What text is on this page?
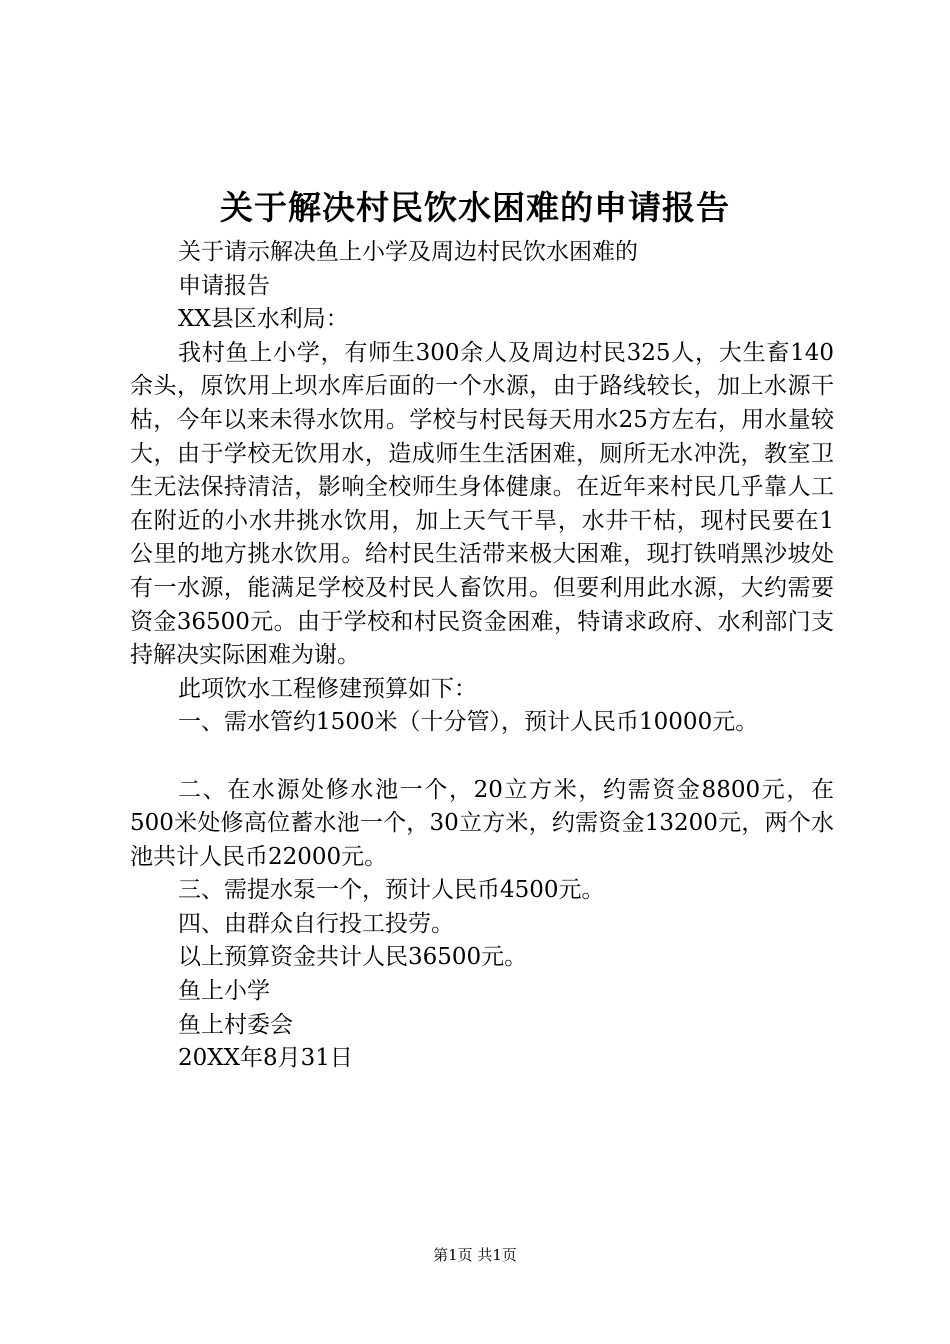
关于解决村民饮水困难的申请报告

关于请示解决鱼上小学及周边村民饮水困难的

申请报告

XX县区水利局：

我村鱼上小学，有师生300余人及周边村民325人，大生畜140余头，原饮用上坝水库后面的一个水源，由于路线较长，加上水源干枯，今年以来未得水饮用。学校与村民每天用水25方左右，用水量较大，由于学校无饮用水，造成师生生活困难，厕所无水冲洗，教室卫生无法保持清洁，影响全校师生身体健康。在近年来村民几乎靠人工在附近的小水井挑水饮用，加上天气干旱，水井干枯，现村民要在1公里的地方挑水饮用。给村民生活带来极大困难，现打铁哨黑沙坡处有一水源，能满足学校及村民人畜饮用。但要利用此水源，大约需要资金36500元。由于学校和村民资金困难，特请求政府、水利部门支持解决实际困难为谢。

此项饮水工程修建预算如下：

一、需水管约1500米（十分管），预计人民币10000元。

二、在水源处修水池一个，20立方米，约需资金8800元，在500米处修高位蓄水池一个，30立方米，约需资金13200元，两个水池共计人民币22000元。

三、需提水泵一个，预计人民币4500元。

四、由群众自行投工投劳。

以上预算资金共计人民36500元。

鱼上小学

鱼上村委会

20XX年8月31日

第1页 共1页
